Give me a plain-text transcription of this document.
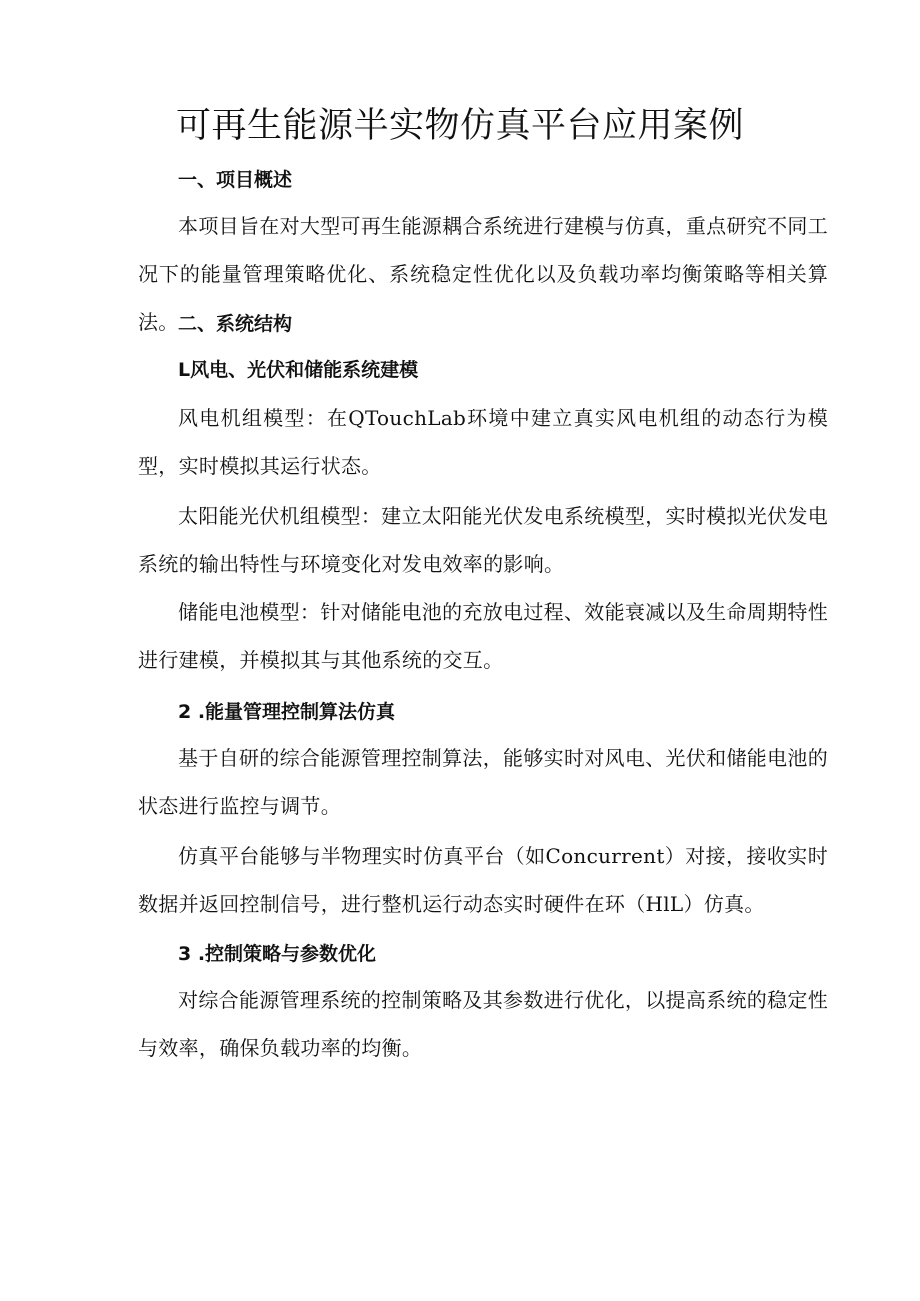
可再生能源半实物仿真平台应用案例
一、项目概述

本项目旨在对大型可再生能源耦合系统进行建模与仿真，重点研究不同工况下的能量管理策略优化、系统稳定性优化以及负载功率均衡策略等相关算法。 二、系统结构
L风电、光伏和储能系统建模

风电机组模型：在QTouchLab环境中建立真实风电机组的动态行为模型，实时模拟其运行状态。

太阳能光伏机组模型：建立太阳能光伏发电系统模型，实时模拟光伏发电系统的输出特性与环境变化对发电效率的影响。

储能电池模型：针对储能电池的充放电过程、效能衰减以及生命周期特性进行建模，并模拟其与其他系统的交互。

2 .能量管理控制算法仿真

基于自研的综合能源管理控制算法，能够实时对风电、光伏和储能电池的状态进行监控与调节。

仿真平台能够与半物理实时仿真平台（如Concurrent）对接，接收实时数据并返回控制信号，进行整机运行动态实时硬件在环（HlL）仿真。

3 .控制策略与参数优化

对综合能源管理系统的控制策略及其参数进行优化，以提高系统的稳定性与效率，确保负载功率的均衡。
